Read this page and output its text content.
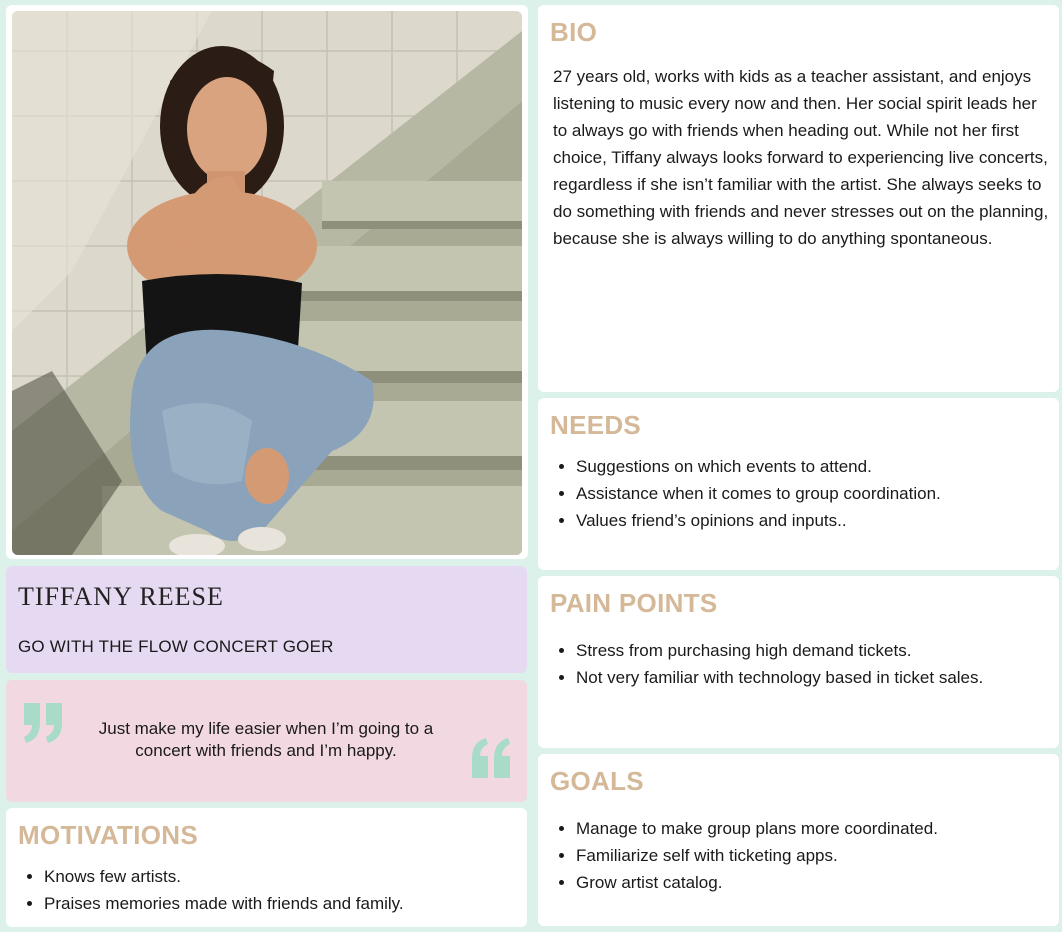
TIFFANY REESE
GO WITH THE FLOW CONCERT GOER
Just make my life easier when I’m going to a concert with friends and I’m happy.
MOTIVATIONS
• Knows few artists.
• Praises memories made with friends and family.
BIO

27 years old, works with kids as a teacher assistant, and enjoys listening to music every now and then. Her social spirit leads her to always go with friends when heading out. While not her first choice, Tiffany always looks forward to experiencing live concerts, regardless if she isn’t familiar with the artist. She always seeks to do something with friends and never stresses out on the planning, because she is always willing to do anything spontaneous.

NEEDS
• Suggestions on which events to attend.
• Assistance when it comes to group coordination.
• Values friend’s opinions and inputs..
PAIN POINTS
• Stress from purchasing high demand tickets.
• Not very familiar with technology based in ticket sales.
GOALS
• Manage to make group plans more coordinated.
• Familiarize self with ticketing apps.
• Grow artist catalog.
